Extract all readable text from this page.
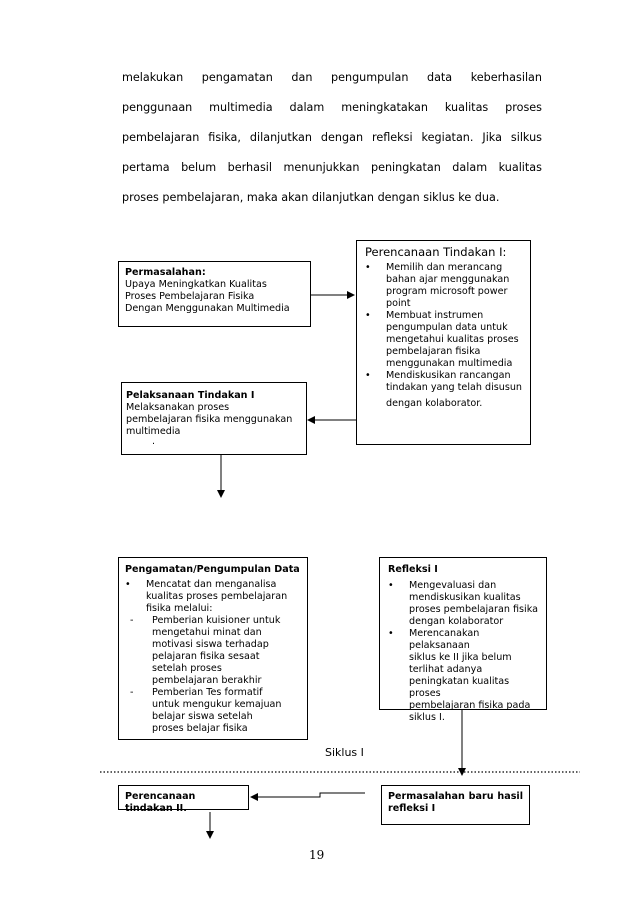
melakukan pengamatan dan pengumpulan data keberhasilan
penggunaan multimedia dalam meningkatakan kualitas proses
pembelajaran fisika, dilanjutkan dengan refleksi kegiatan. Jika silkus
pertama belum berhasil menunjukkan peningkatan dalam kualitas
proses pembelajaran, maka akan dilanjutkan dengan siklus ke dua.
Permasalahan:
Upaya Meningkatkan Kualitas
Proses Pembelajaran Fisika
Dengan Menggunakan Multimedia
Perencanaan Tindakan I:
• Memilih dan merancang
bahan ajar menggunakan
program microsoft power
point
• Membuat instrumen
pengumpulan data untuk
mengetahui kualitas proses
pembelajaran fisika
menggunakan multimedia
• Mendiskusikan rancangan
tindakan yang telah disusun
dengan kolaborator.
Pelaksanaan Tindakan I
Melaksanakan proses
pembelajaran fisika menggunakan
multimedia
.
Pengamatan/Pengumpulan Data
• Mencatat dan menganalisa
kualitas proses pembelajaran
fisika melalui:
- Pemberian kuisioner untuk
mengetahui minat dan
motivasi siswa terhadap
pelajaran fisika sesaat
setelah proses
pembelajaran berakhir
- Pemberian Tes formatif
untuk mengukur kemajuan
belajar siswa setelah
proses belajar fisika
Refleksi I
• Mengevaluasi dan
mendiskusikan kualitas
proses pembelajaran fisika
dengan kolaborator
• Merencanakan pelaksanaan
siklus ke II jika belum
terlihat adanya
peningkatan kualitas proses
pembelajaran fisika pada
siklus I.
Siklus I
Perencanaan tindakan II.
Permasalahan baru hasil
refleksi I
19
